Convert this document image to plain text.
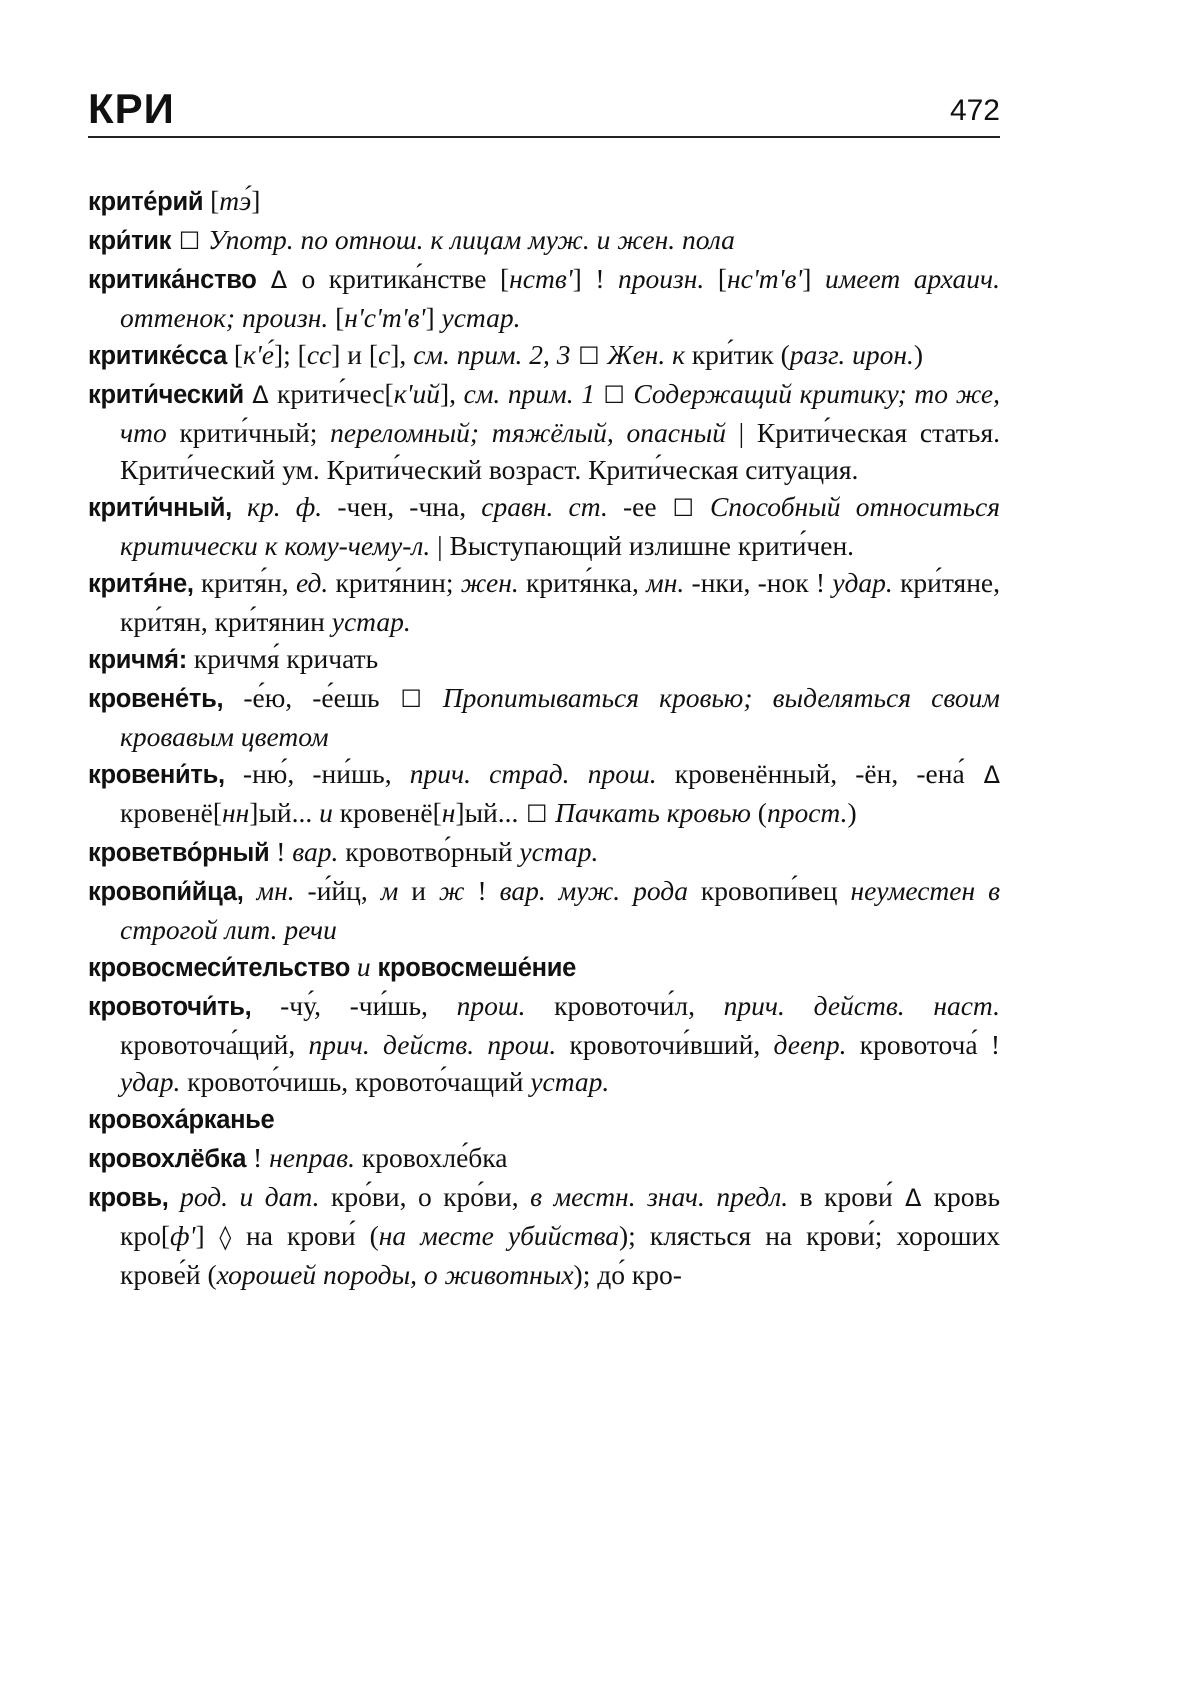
КРИ	472
крите́рий [тэ́]
кри́тик ☐ Употр. по отнош. к лицам муж. и жен. пола
критика́нство Δ о критика́нстве [нств'] ! произн. [нс'т'в'] имеет архаич. оттенок; произн. [н'с'т'в'] устар.
критике́сса [к'е́]; [сс] и [с], см. прим. 2, 3 ☐ Жен. к кри́тик (разг. ирон.)
крити́ческий Δ крити́чес[к'ий], см. прим. 1 ☐ Содержащий критику; то же, что крити́чный; переломный; тяжёлый, опасный | Крити́ческая статья. Крити́ческий ум. Крити́ческий возраст. Крити́ческая ситуация.
крити́чный, кр. ф. -чен, -чна, сравн. ст. -ее ☐ Способный относиться критически к кому-чему-л. | Выступающий излишне крити́чен.
критя́не, критя́н, ед. критя́нин; жен. критя́нка, мн. -нки, -нок ! удар. кри́тяне, кри́тян, кри́тянин устар.
кричмя́: кричмя́ кричать
кровене́ть, -е́ю, -е́ешь ☐ Пропитываться кровью; выделяться своим кровавым цветом
кровени́ть, -ню́, -ни́шь, прич. страд. прош. кровенённый, -ён, -ена́ Δ кровенё[нн]ый... и кровенё[н]ый... ☐ Пачкать кровью (прост.)
кроветво́рный ! вар. кровотво́рный устар.
кровопи́йца, мн. -и́йц, м и ж ! вар. муж. рода кровопи́вец неуместен в строгой лит. речи
кровосмеси́тельство и кровосмеше́ние
кровоточи́ть, -чу́, -чи́шь, прош. кровоточи́л, прич. действ. наст. кровоточа́щий, прич. действ. прош. кровоточи́вший, деепр. кровоточа́ ! удар. кровото́чишь, кровото́чащий устар.
кровоха́рканье
кровохлёбка ! неправ. кровохле́бка
кровь, род. и дат. кро́ви, о кро́ви, в местн. знач. предл. в крови́ Δ кровь кро[ф'] ◊ на крови́ (на месте убийства); клясться на крови́; хороших крове́й (хорошей породы, о животных); до́ кро-
